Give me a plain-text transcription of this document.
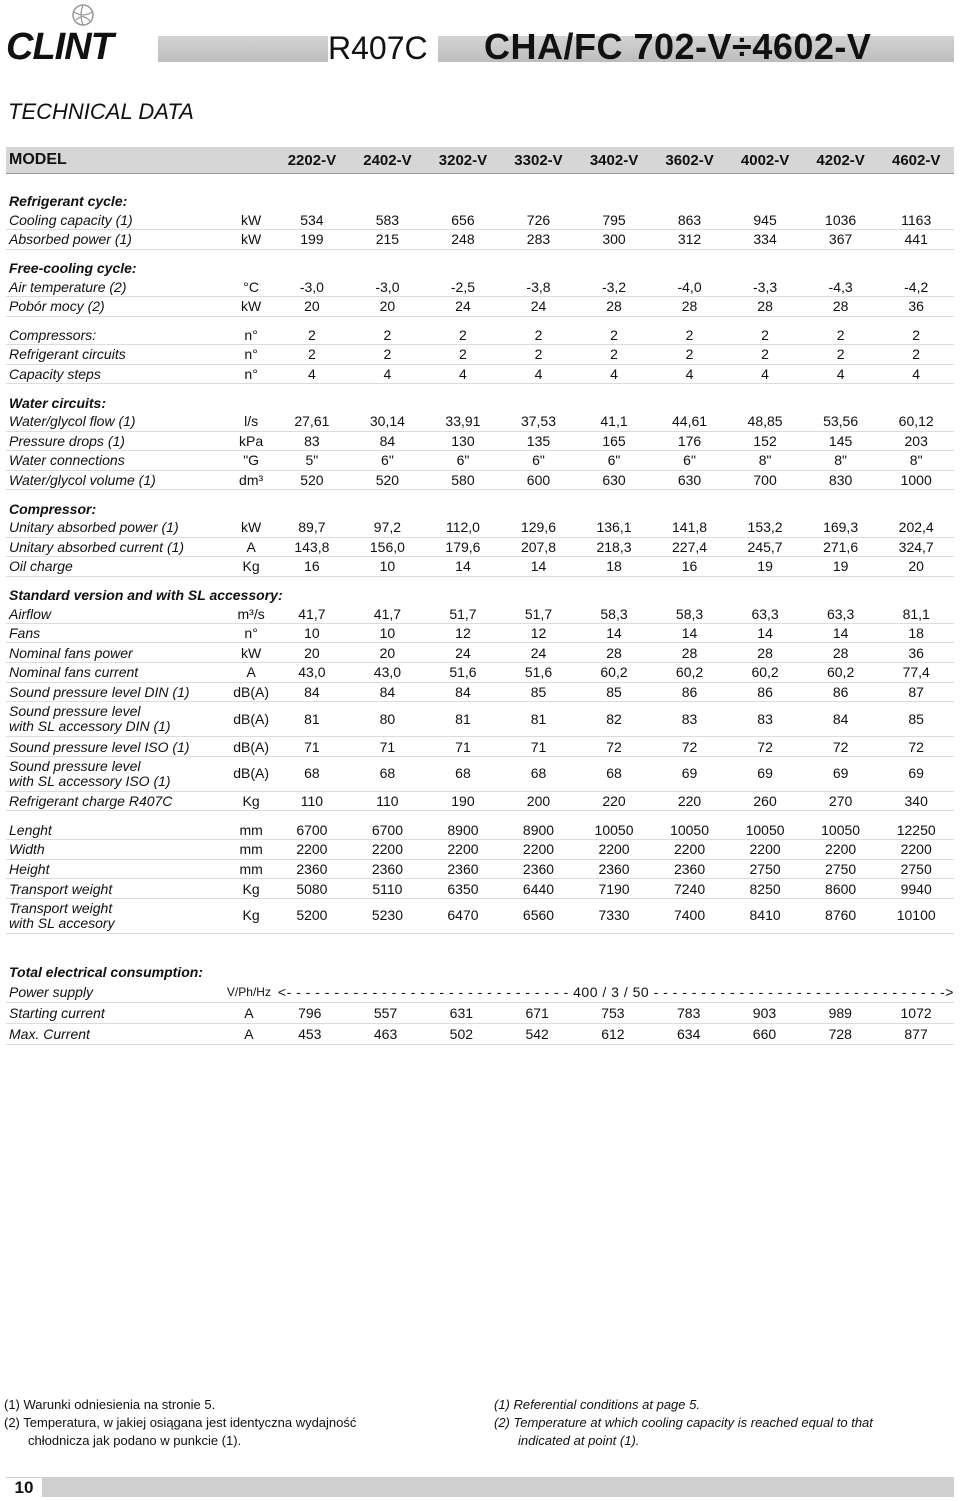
CLINT	R407C CHA/FC 702-V÷4602-V
TECHNICAL DATA
MODEL		2202-V	2402-V	3202-V	3302-V	3402-V	3602-V	4002-V	4202-V	4602-V
Refrigerant cycle:										
Cooling capacity (1)	kW	534	583	656	726	795	863	945	1036	1163
Absorbed power (1)	kW	199	215	248	283	300	312	334	367	441

Free-cooling cycle:										
Air temperature (2)	°C	-3,0	-3,0	-2,5	-3,8	-3,2	-4,0	-3,3	-4,3	-4,2
Pobór mocy (2)	kW	20	20	24	24	28	28	28	28	36

Compressors:	n°	2	2	2	2	2	2	2	2	2
Refrigerant circuits	n°	2	2	2	2	2	2	2	2	2
Capacity steps	n°	4	4	4	4	4	4	4	4	4

Water circuits:										
Water/glycol flow (1)	l/s	27,61	30,14	33,91	37,53	41,1	44,61	48,85	53,56	60,12
Pressure drops (1)	kPa	83	84	130	135	165	176	152	145	203
Water connections	"G	5"	6"	6"	6"	6"	6"	8"	8"	8"
Water/glycol volume (1)	dm³	520	520	580	600	630	630	700	830	1000

Compressor:										
Unitary absorbed power (1)	kW	89,7	97,2	112,0	129,6	136,1	141,8	153,2	169,3	202,4
Unitary absorbed current (1)	A	143,8	156,0	179,6	207,8	218,3	227,4	245,7	271,6	324,7
Oil charge	Kg	16	10	14	14	18	16	19	19	20

Standard version and with SL accessory:										
Airflow	m³/s	41,7	41,7	51,7	51,7	58,3	58,3	63,3	63,3	81,1
Fans	n°	10	10	12	12	14	14	14	14	18
Nominal fans power	kW	20	20	24	24	28	28	28	28	36
Nominal fans current	A	43,0	43,0	51,6	51,6	60,2	60,2	60,2	60,2	77,4
Sound pressure level DIN (1)	dB(A)	84	84	84	85	85	86	86	86	87

Sound pressure level
with SL accessory DIN (1)	dB(A)	81	80	81	81	82	83	83	84	85
Sound pressure level ISO (1)	dB(A)	71	71	71	71	72	72	72	72	72

Sound pressure level
with SL accessory ISO (1)	dB(A)	68	68	68	68	68	69	69	69	69
Refrigerant charge R407C	Kg	110	110	190	200	220	220	260	270	340

Lenght	mm	6700	6700	8900	8900	10050	10050	10050	10050	12250
Width	mm	2200	2200	2200	2200	2200	2200	2200	2200	2200
Height	mm	2360	2360	2360	2360	2360	2360	2750	2750	2750
Transport weight	Kg	5080	5110	6350	6440	7190	7240	8250	8600	9940

Transport weight
with SL accesory	Kg	5200	5230	6470	6560	7330	7400	8410	8760	10100
Total electrical consumption:										
Power supply	V/Ph/Hz	<- - - - - - - - - - - - - - - - - - - - - - - - - - - - - - 400 / 3 / 50 - - - - - - - - - - - - - - - - - - - - - - - - - - - - - - ->								
Starting current	A	796	557	631	671	753	783	903	989	1072
Max. Current	A	453	463	502	542	612	634	660	728	877
(1) Warunki odniesienia na stronie 5.
(2) Temperatura, w jakiej osiągana jest identyczna wydajność
chłodnicza jak podano w punkcie (1).
(1) Referential conditions at page 5.
(2) Temperature at which cooling capacity is reached equal to that
indicated at point (1).
10
